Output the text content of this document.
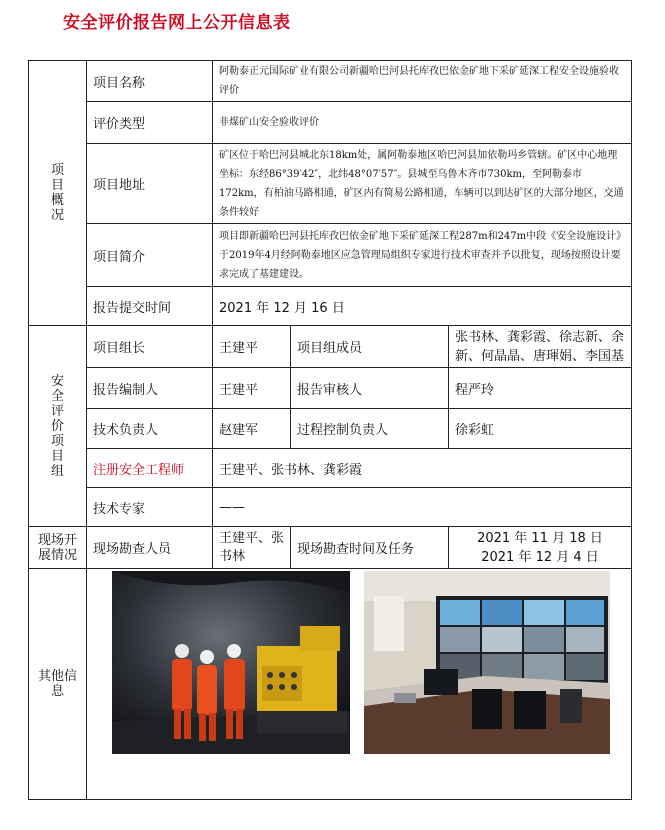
安全评价报告网上公开信息表
项目概况	项目名称	阿勒泰正元国际矿业有限公司新疆哈巴河县托库孜巴依金矿地下采矿延深工程安全设施验收评价		
	评价类型	非煤矿山安全验收评价		
	项目地址	矿区位于哈巴河县城北东18km处，属阿勒泰地区哈巴河县加依勒玛乡管辖。矿区中心地理坐标：东经86°39′42″，北纬48°07′57″。县城至乌鲁木齐市730km，至阿勒泰市172km，有柏油马路相通，矿区内有简易公路相通，车辆可以到达矿区的大部分地区，交通条件较好		
	项目简介	项目即新疆哈巴河县托库孜巴依金矿地下采矿延深工程287m和247m中段《安全设施设计》于2019年4月经阿勒泰地区应急管理局组织专家进行技术审查并予以批复，现场按照设计要求完成了基建建设。		
	报告提交时间	2021 年 12 月 16 日		
安全评价项目组	项目组长	王建平	项目组成员	张书林、龚彩霞、徐志新、余新、何晶晶、唐琿娟、李国基
	报告编制人	王建平	报告审核人	程严玲
	技术负责人	赵建军	过程控制负责人	徐彩虹
	注册安全工程师	王建平、张书林、龚彩霞		
	技术专家	——		
现场开展情况	现场勘查人员	王建平、张书林	现场勘查时间及任务	2021 年 11 月 18 日
2021 年 12 月 4 日

其他信息	
